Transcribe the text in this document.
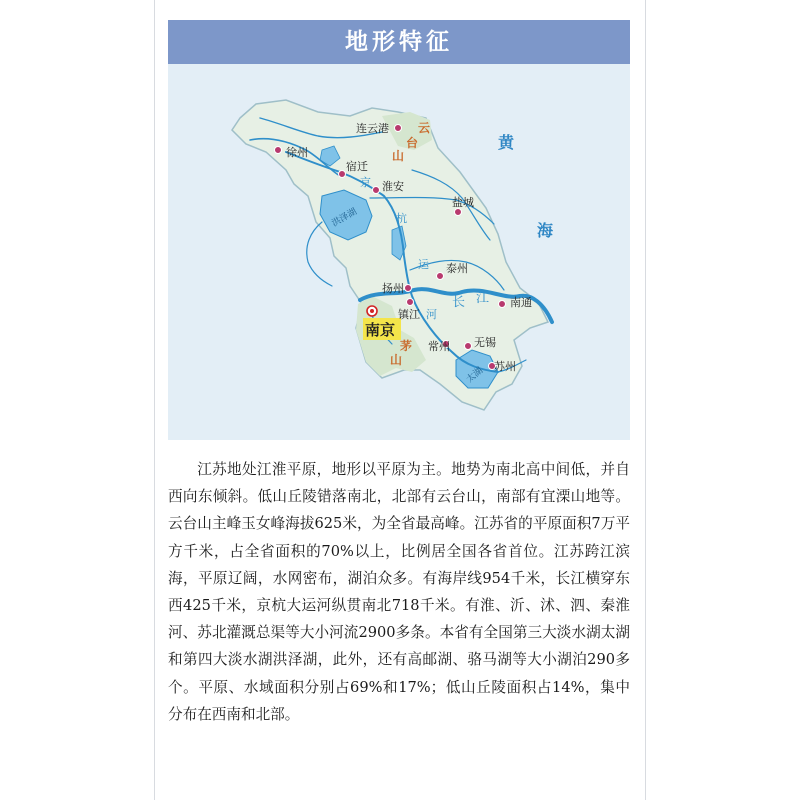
地形特征
南京
连云港
徐州
宿迁
淮安
盐城
泰州
扬州
镇江
南通
常州 无锡
苏州
黄
海
云
台
山
茅
山
京
杭
运
河
长 江
洪泽湖
太湖

江苏地处江淮平原，地形以平原为主。地势为南北高中间低，并自西向东倾斜。低山丘陵错落南北，北部有云台山，南部有宜溧山地等。云台山主峰玉女峰海拔625米，为全省最高峰。江苏省的平原面积7万平方千米，占全省面积的70%以上，比例居全国各省首位。江苏跨江滨海，平原辽阔，水网密布，湖泊众多。有海岸线954千米，长江横穿东西425千米，京杭大运河纵贯南北718千米。有淮、沂、沭、泗、秦淮河、苏北灌溉总渠等大小河流2900多条。本省有全国第三大淡水湖太湖和第四大淡水湖洪泽湖，此外，还有高邮湖、骆马湖等大小湖泊290多个。平原、水域面积分别占69%和17%；低山丘陵面积占14%，集中分布在西南和北部。
